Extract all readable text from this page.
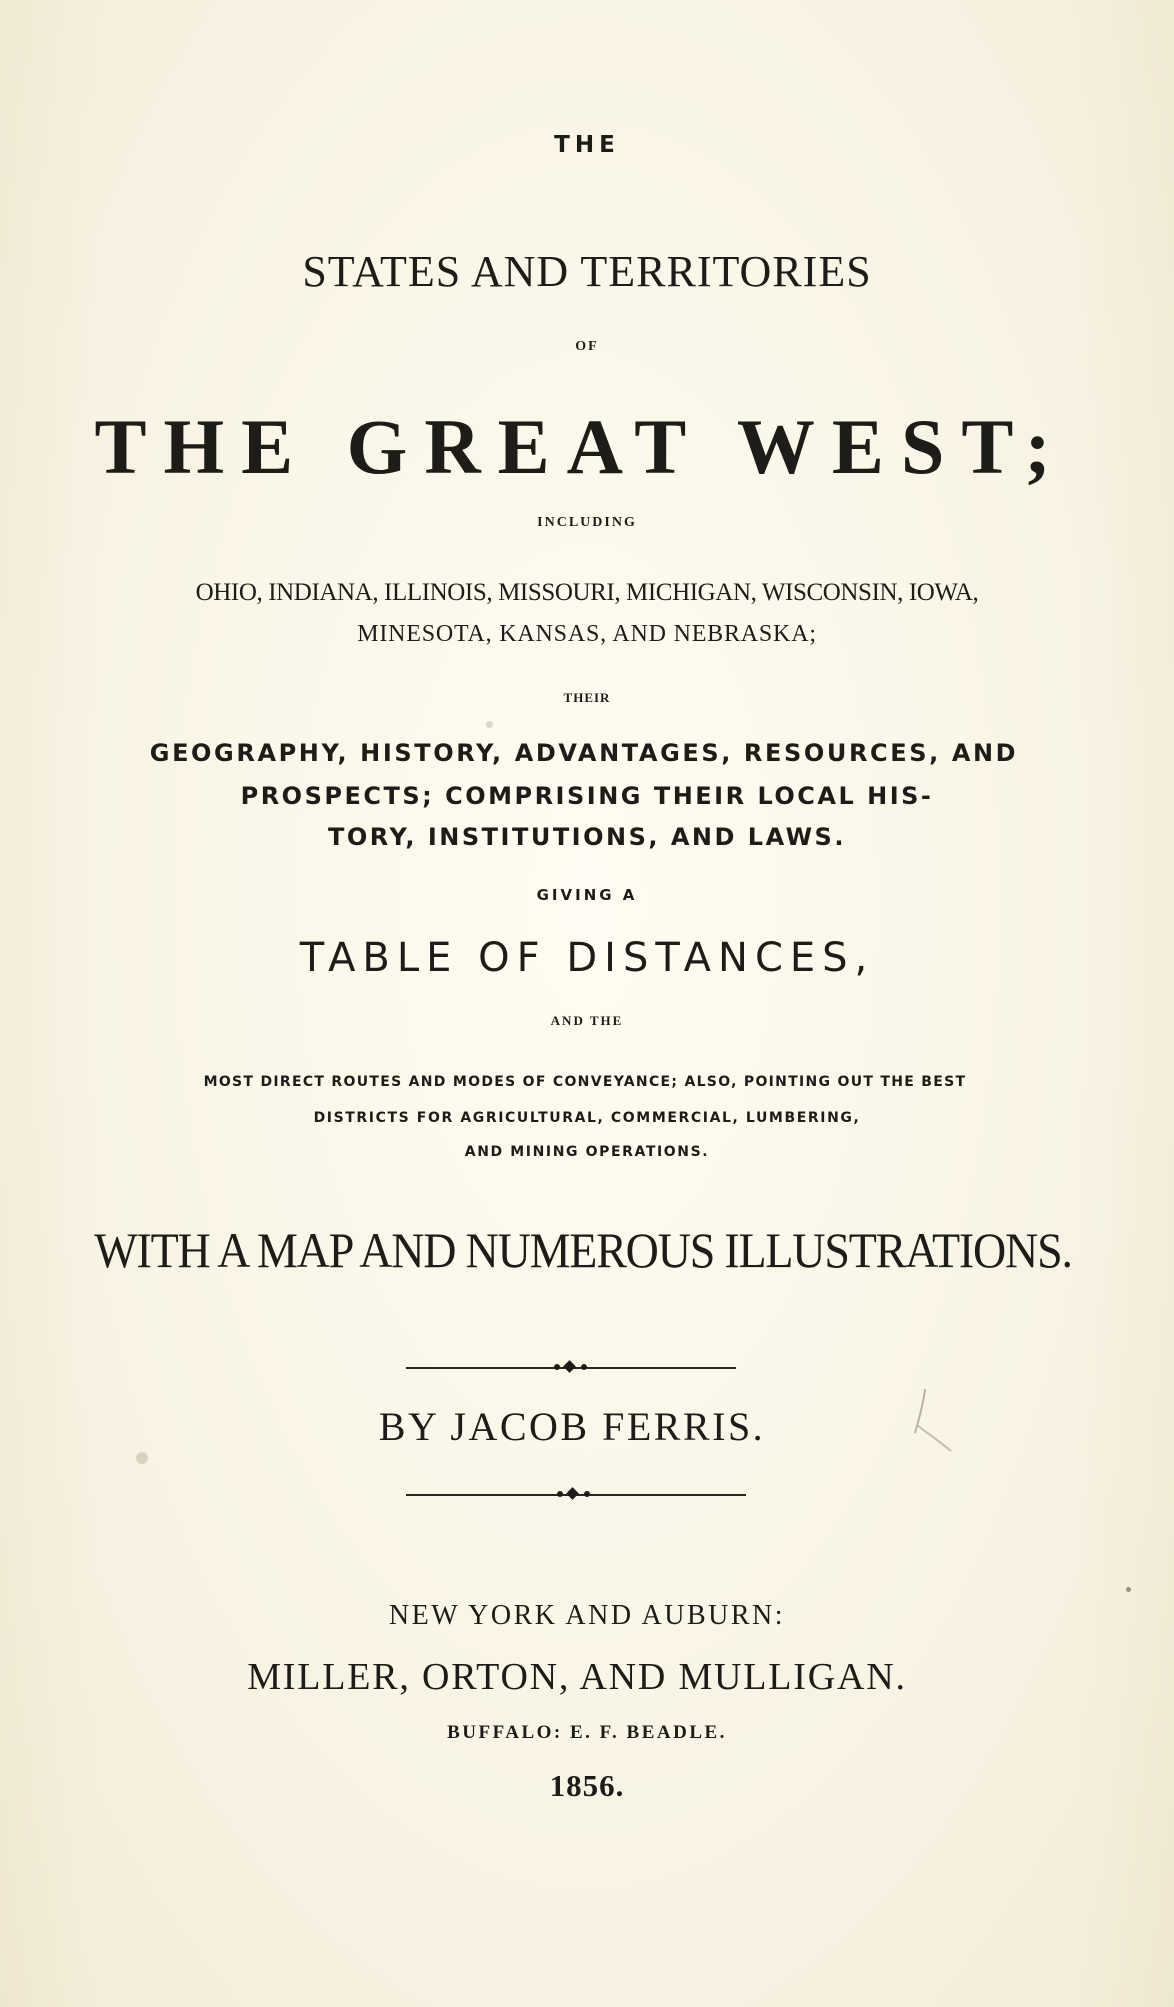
THE
STATES AND TERRITORIES
OF
THE GREAT WEST;
INCLUDING
OHIO, INDIANA, ILLINOIS, MISSOURI, MICHIGAN, WISCONSIN, IOWA,
MINESOTA, KANSAS, AND NEBRASKA;
THEIR
GEOGRAPHY, HISTORY, ADVANTAGES, RESOURCES, AND
PROSPECTS; COMPRISING THEIR LOCAL HIS-
TORY, INSTITUTIONS, AND LAWS.
GIVING A
TABLE OF DISTANCES,
AND THE
MOST DIRECT ROUTES AND MODES OF CONVEYANCE; ALSO, POINTING OUT THE BEST
DISTRICTS FOR AGRICULTURAL, COMMERCIAL, LUMBERING,
AND MINING OPERATIONS.
WITH A MAP AND NUMEROUS ILLUSTRATIONS.
BY JACOB FERRIS.
NEW YORK AND AUBURN:
MILLER, ORTON, AND MULLIGAN.
BUFFALO: E. F. BEADLE.
1856.
